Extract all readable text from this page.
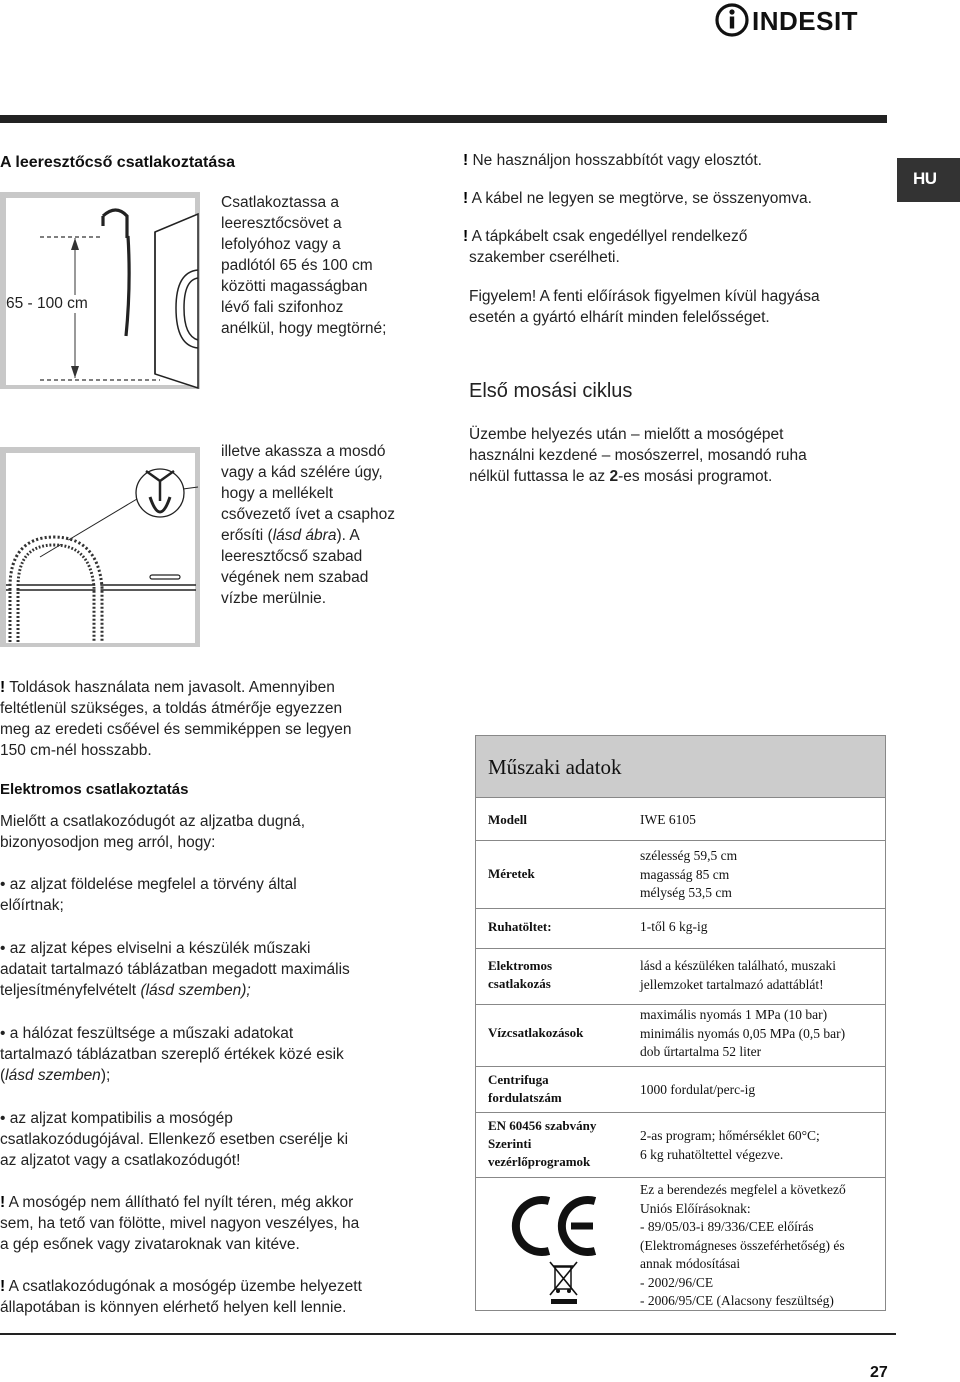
INDESIT
HU
A leeresztőcső csatlakoztatása
65 - 100 cm
Csatlakoztassa a
leeresztőcsövet a
lefolyóhoz vagy a
padlótól 65 és 100 cm
közötti magasságban
lévő fali szifonhoz
anélkül, hogy megtörné;
illetve akassza a mosdó
vagy a kád szélére úgy,
hogy a mellékelt
csővezető ívet a csaphoz
erősíti (lásd ábra). A
leeresztőcső szabad
végének nem szabad
vízbe merülnie.
! Ne használjon hosszabbítót vagy elosztót.
! A kábel ne legyen se megtörve, se összenyomva.
! A tápkábelt csak engedéllyel rendelkező
szakember cserélheti.
Figyelem! A fenti előírások figyelmen kívül hagyása
esetén a gyártó elhárít minden felelősséget.
Első mosási ciklus
Üzembe helyezés után – mielőtt a mosógépet
használni kezdené – mosószerrel, mosandó ruha
nélkül futtassa le az 2-es mosási programot.
! Toldások használata nem javasolt. Amennyiben
feltétlenül szükséges, a toldás átmérője egyezzen
meg az eredeti csőével és semmiképpen se legyen
150 cm-nél hosszabb.
Elektromos csatlakoztatás
Mielőtt a csatlakozódugót az aljzatba dugná,
bizonyosodjon meg arról, hogy:
• az aljzat földelése megfelel a törvény által
előírtnak;
• az aljzat képes elviselni a készülék műszaki
adatait tartalmazó táblázatban megadott maximális
teljesítményfelvételt (lásd szemben);
• a hálózat feszültsége a műszaki adatokat
tartalmazó táblázatban szereplő értékek közé esik
(lásd szemben);
• az aljzat kompatibilis a mosógép
csatlakozódugójával. Ellenkező esetben cserélje ki
az aljzatot vagy a csatlakozódugót!
! A mosógép nem állítható fel nyílt téren, még akkor
sem, ha tető van fölötte, mivel nagyon veszélyes, ha
a gép esőnek vagy zivataroknak van kitéve.
! A csatlakozódugónak a mosógép üzembe helyezett
állapotában is könnyen elérhető helyen kell lennie.
Műszaki adatok
Modell	IWE 6105
Méretek
szélesség 59,5 cm
magasság 85 cm
mélység 53,5 cm
Ruhatöltet:	1-től 6 kg-ig
Elektromos
csatlakozás
lásd a készüléken található, muszaki
jellemzoket tartalmazó adattáblát!
Vízcsatlakozások
maximális nyomás 1 MPa (10 bar)
minimális nyomás 0,05 MPa (0,5 bar)
dob űrtartalma 52 liter
Centrifuga
fordulatszám
1000 fordulat/perc-ig
EN 60456 szabvány
Szerinti
vezérlőprogramok
2-as program; hőmérséklet 60°C;
6 kg ruhatöltettel végezve.
Ez a berendezés megfelel a következő
Uniós Előírásoknak:
- 89/05/03-i 89/336/CEE előírás
(Elektromágneses összeférhetőség) és
annak módosításai
- 2002/96/CE
- 2006/95/CE (Alacsony feszültség)
27
